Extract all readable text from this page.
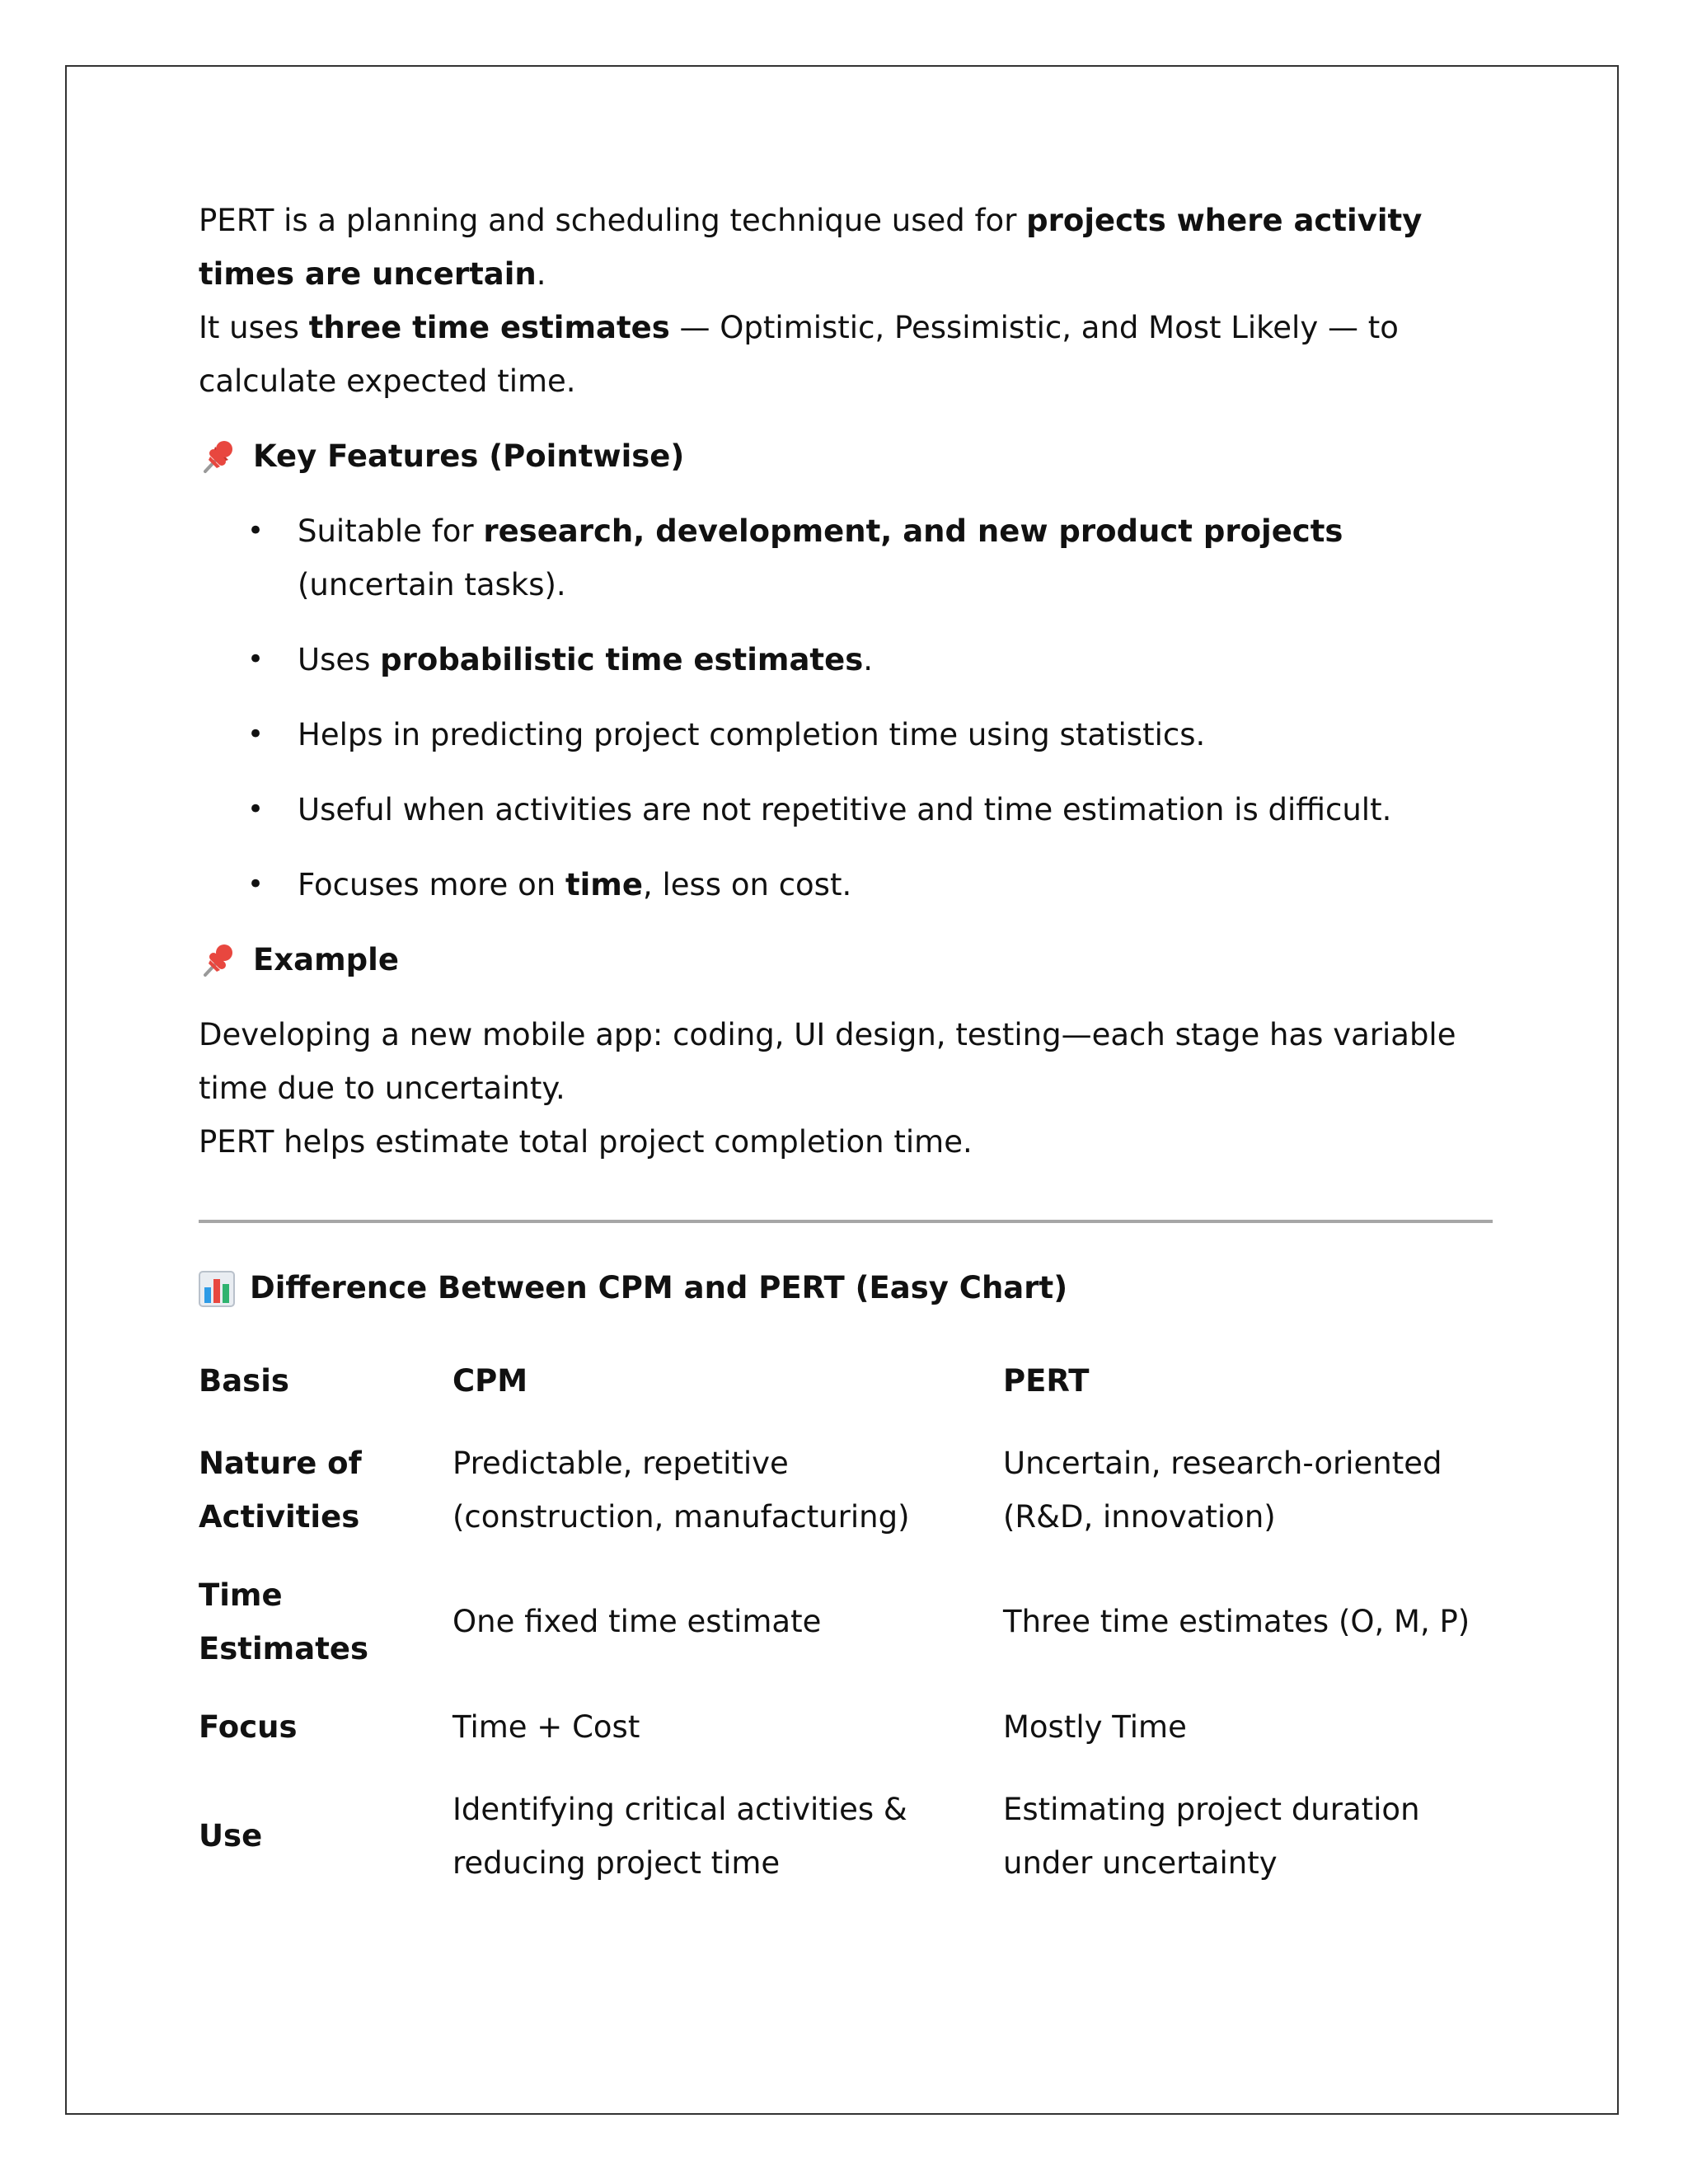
PERT is a planning and scheduling technique used for projects where activity times are uncertain.
It uses three time estimates — Optimistic, Pessimistic, and Most Likely — to calculate expected time.

Key Features (Pointwise)
• Suitable for research, development, and new product projects (uncertain tasks).
• Uses probabilistic time estimates.
• Helps in predicting project completion time using statistics.
• Useful when activities are not repetitive and time estimation is difficult.
• Focuses more on time, less on cost.
Example

Developing a new mobile app: coding, UI design, testing—each stage has variable time due to uncertainty.
PERT helps estimate total project completion time.

Difference Between CPM and PERT (Easy Chart)
Basis	CPM	PERT
Nature of Activities	Predictable, repetitive (construction, manufacturing)	Uncertain, research-oriented (R&D, innovation)
Time Estimates	One fixed time estimate	Three time estimates (O, M, P)
Focus	Time + Cost	Mostly Time
Use	Identifying critical activities & reducing project time	Estimating project duration under uncertainty
